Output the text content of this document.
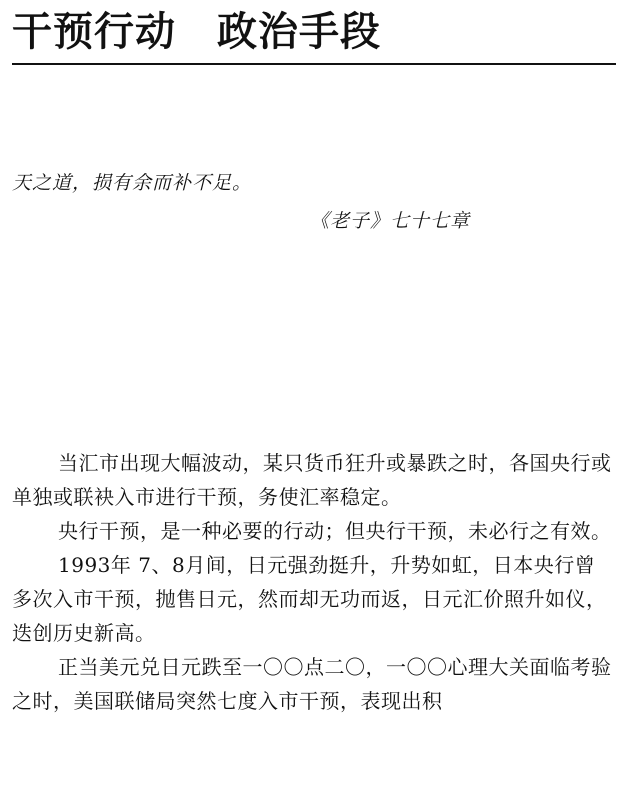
干预行动　政治手段
天之道，损有余而补不足。
《老子》七十七章

当汇市出现大幅波动，某只货币狂升或暴跌之时，各国央行或单独或联袂入市进行干预，务使汇率稳定。

央行干预，是一种必要的行动；但央行干预，未必行之有效。

1993年 7、8月间，日元强劲挺升，升势如虹，日本央行曾多次入市干预，抛售日元，然而却无功而返，日元汇价照升如仪，迭创历史新高。

正当美元兑日元跌至一〇〇点二〇，一〇〇心理大关面临考验之时，美国联储局突然七度入市干预，表现出积
